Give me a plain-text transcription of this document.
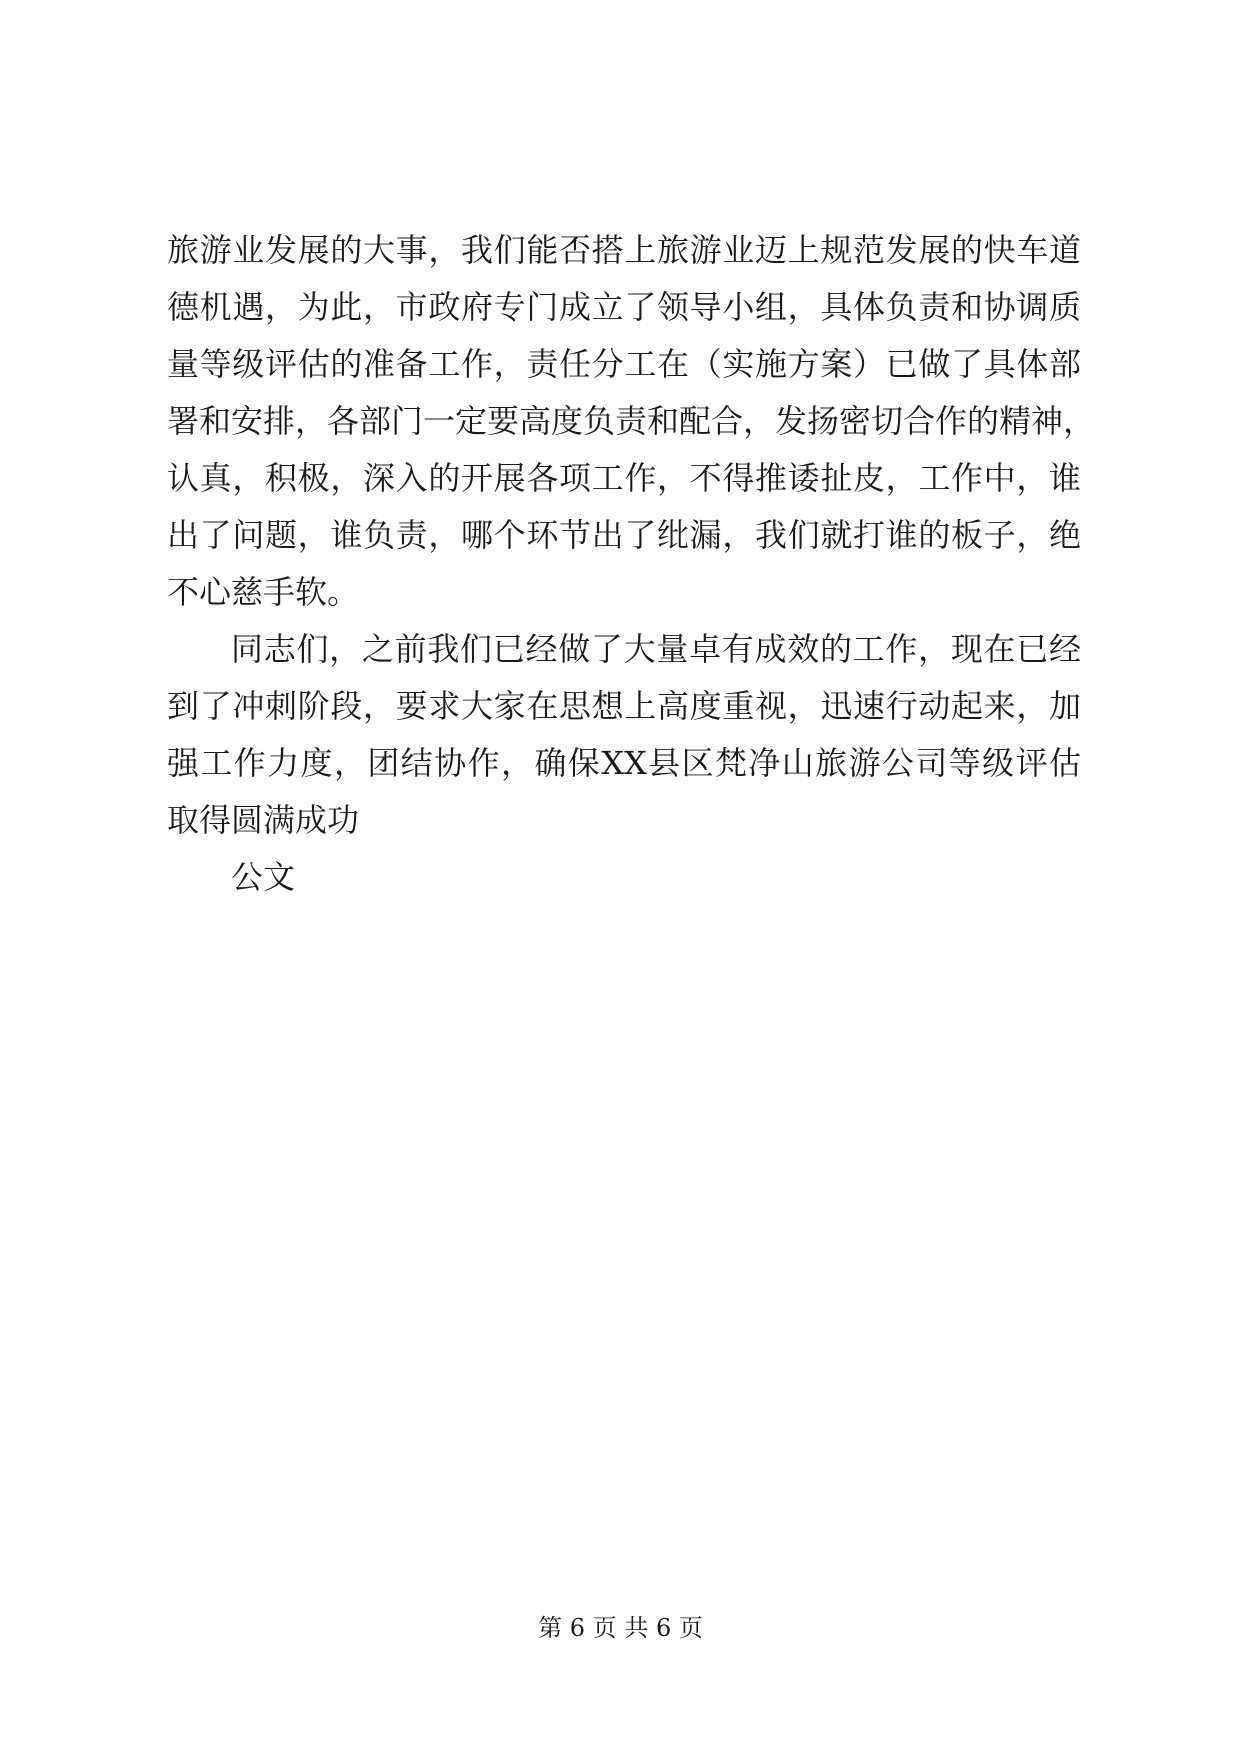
旅游业发展的大事，我们能否搭上旅游业迈上规范发展的快车道
德机遇，为此，市政府专门成立了领导小组，具体负责和协调质
量等级评估的准备工作，责任分工在（实施方案）已做了具体部
署和安排，各部门一定要高度负责和配合，发扬密切合作的精神，
认真，积极，深入的开展各项工作，不得推诿扯皮，工作中，谁
出了问题，谁负责，哪个环节出了纰漏，我们就打谁的板子，绝
不心慈手软。
同志们，之前我们已经做了大量卓有成效的工作，现在已经
到了冲刺阶段，要求大家在思想上高度重视，迅速行动起来，加
强工作力度，团结协作，确保XX县区梵净山旅游公司等级评估
取得圆满成功
公文
第 6 页 共 6 页
